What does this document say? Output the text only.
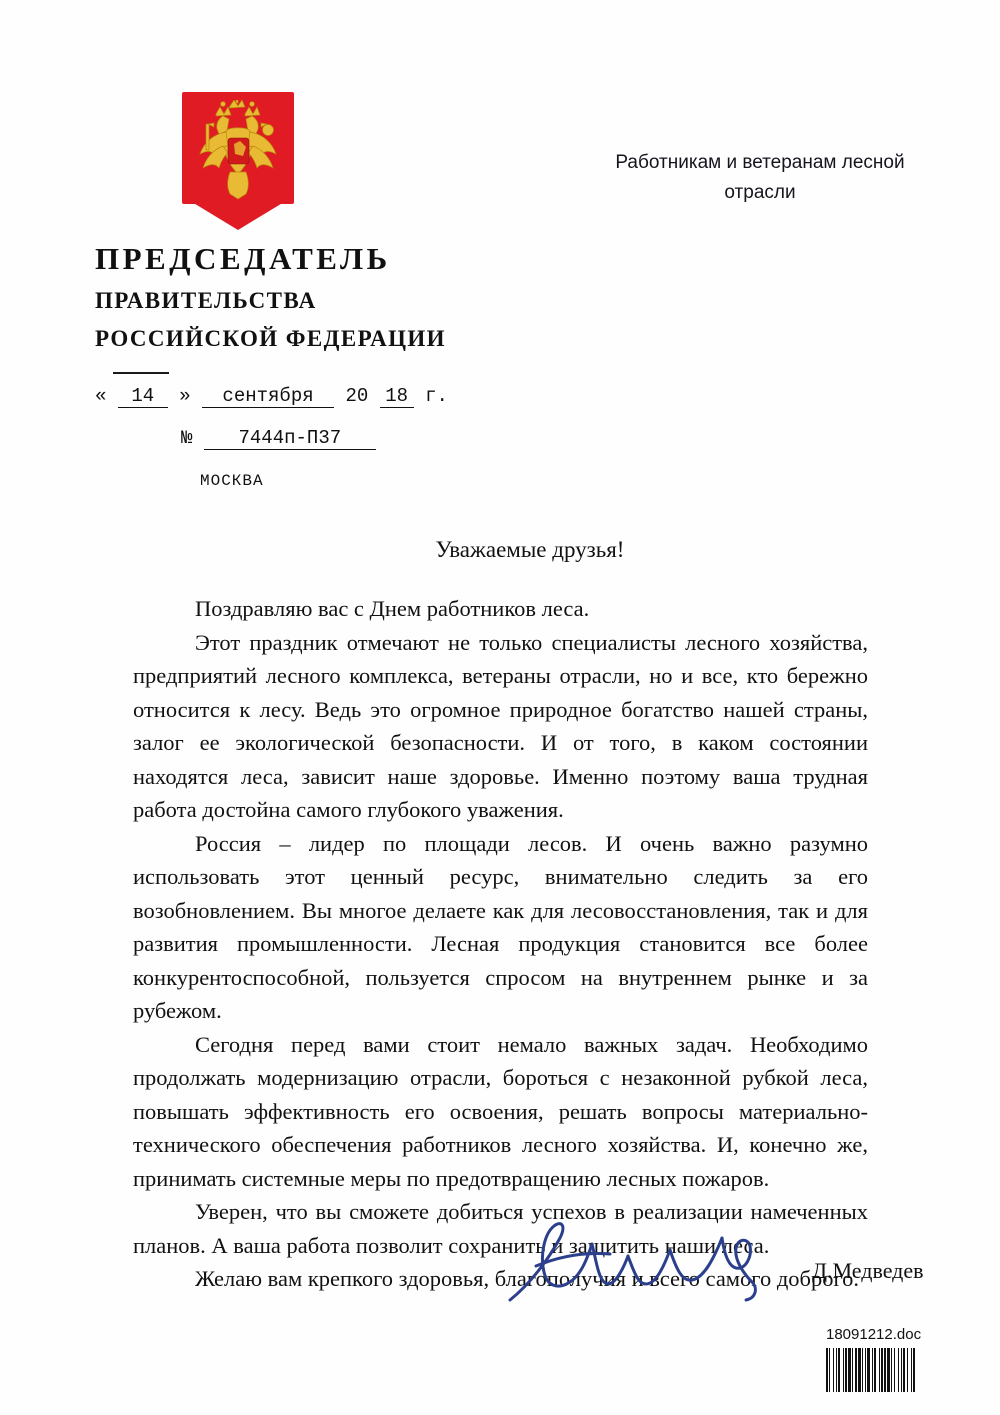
Работникам и ветеранам лесной отрасли
ПРЕДСЕДАТЕЛЬ
ПРАВИТЕЛЬСТВА
РОССИЙСКОЙ ФЕДЕРАЦИИ
« 14 » сентября 20 18 г.
№ 7444п-П37
МОСКВА
Уважаемые друзья!

Поздравляю вас с Днем работников леса.

Этот праздник отмечают не только специалисты лесного хозяйства, предприятий лесного комплекса, ветераны отрасли, но и все, кто бережно относится к лесу. Ведь это огромное природное богатство нашей страны, залог ее экологической безопасности. И от того, в каком состоянии находятся леса, зависит наше здоровье. Именно поэтому ваша трудная работа достойна самого глубокого уважения.

Россия – лидер по площади лесов. И очень важно разумно использовать этот ценный ресурс, внимательно следить за его возобновлением. Вы многое делаете как для лесовосстановления, так и для развития промышленности. Лесная продукция становится все более конкурентоспособной, пользуется спросом на внутреннем рынке и за рубежом.

Сегодня перед вами стоит немало важных задач. Необходимо продолжать модернизацию отрасли, бороться с незаконной рубкой леса, повышать эффективность его освоения, решать вопросы материально-технического обеспечения работников лесного хозяйства. И, конечно же, принимать системные меры по предотвращению лесных пожаров.

Уверен, что вы сможете добиться успехов в реализации намеченных планов. А ваша работа позволит сохранить и защитить наши леса.

Желаю вам крепкого здоровья, благополучия и всего самого доброго.

Д.Медведев
18091212.doc
